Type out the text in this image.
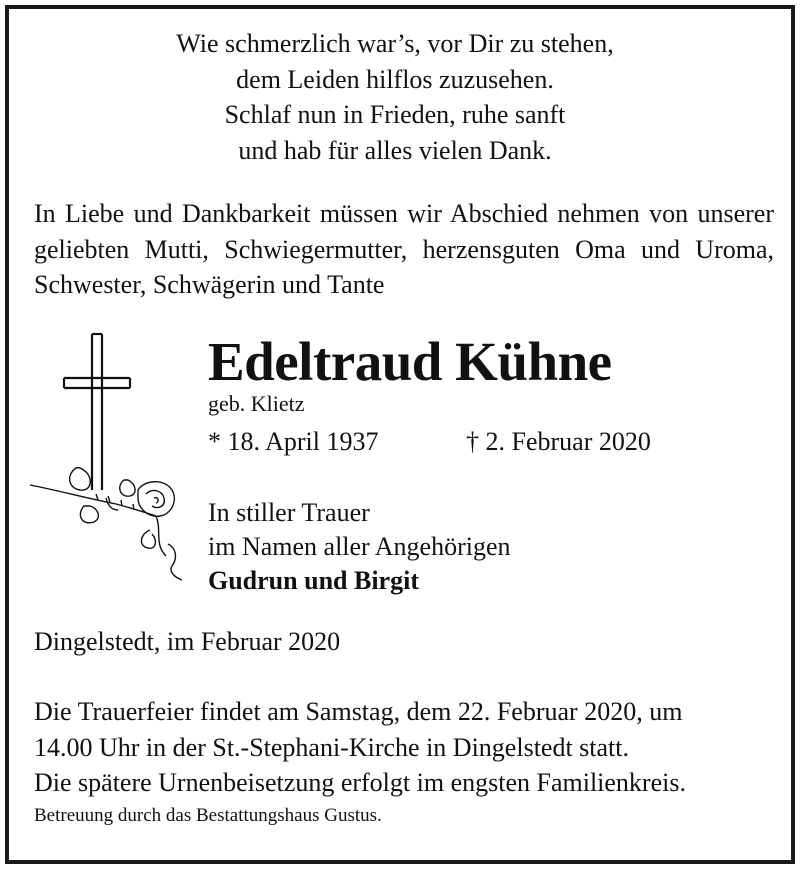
Wie schmerzlich war’s, vor Dir zu stehen,
dem Leiden hilflos zuzusehen.
Schlaf nun in Frieden, ruhe sanft
und hab für alles vielen Dank.
In Liebe und Dankbarkeit müssen wir Abschied nehmen von unserer geliebten Mutti, Schwiegermutter, herzensguten Oma und Uroma, Schwester, Schwägerin und Tante
Edeltraud Kühne
geb. Klietz
* 18. April 1937	† 2. Februar 2020
In stiller Trauer
im Namen aller Angehörigen
Gudrun und Birgit
Dingelstedt, im Februar 2020
Die Trauerfeier findet am Samstag, dem 22. Februar 2020, um
14.00 Uhr in der St.-Stephani-Kirche in Dingelstedt statt.
Die spätere Urnenbeisetzung erfolgt im engsten Familienkreis.
Betreuung durch das Bestattungshaus Gustus.
